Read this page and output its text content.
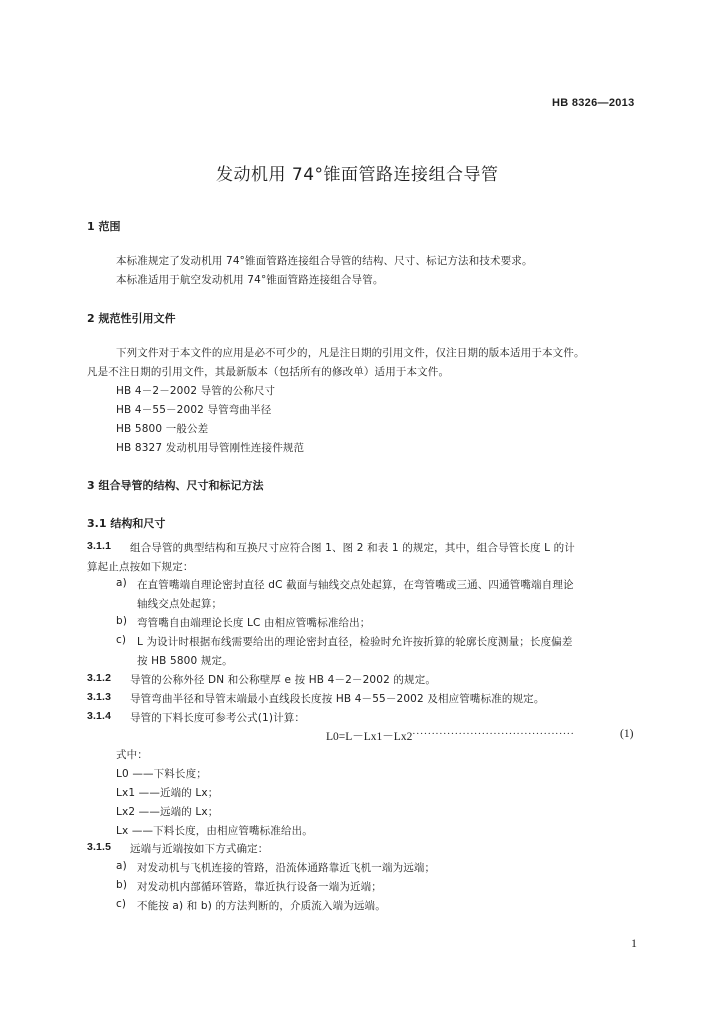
HB 8326—2013
发动机用 74°锥面管路连接组合导管
1 范围
本标准规定了发动机用 74°锥面管路连接组合导管的结构、尺寸、标记方法和技术要求。
本标准适用于航空发动机用 74°锥面管路连接组合导管。
2 规范性引用文件
下列文件对于本文件的应用是必不可少的，凡是注日期的引用文件，仅注日期的版本适用于本文件。
凡是不注日期的引用文件，其最新版本（包括所有的修改单）适用于本文件。
HB 4－2－2002 导管的公称尺寸
HB 4－55－2002 导管弯曲半径
HB 5800 一般公差
HB 8327 发动机用导管刚性连接件规范
3 组合导管的结构、尺寸和标记方法
3.1 结构和尺寸
3.1.1 组合导管的典型结构和互换尺寸应符合图 1、图 2 和表 1 的规定，其中，组合导管长度 L 的计
算起止点按如下规定：
a) 在直管嘴端自理论密封直径 dC 截面与轴线交点处起算，在弯管嘴或三通、四通管嘴端自理论
轴线交点处起算；
b) 弯管嘴自由端理论长度 LC 由相应管嘴标准给出；
c) L 为设计时根据布线需要给出的理论密封直径，检验时允许按折算的轮廓长度测量；长度偏差
按 HB 5800 规定。
3.1.2 导管的公称外径 DN 和公称壁厚 e 按 HB 4－2－2002 的规定。
3.1.3 导管弯曲半径和导管末端最小直线段长度按 HB 4－55－2002 及相应管嘴标准的规定。
3.1.4 导管的下料长度可参考公式(1)计算：
L0=L－Lx1－Lx2 ··········································	(1)
式中：
L0 ——下料长度；
Lx1 ——近端的 Lx；
Lx2 ——远端的 Lx；
Lx ——下料长度，由相应管嘴标准给出。
3.1.5 远端与近端按如下方式确定：
a) 对发动机与飞机连接的管路，沿流体通路靠近飞机一端为远端；
b) 对发动机内部循环管路，靠近执行设备一端为近端；
c) 不能按 a) 和 b) 的方法判断的，介质流入端为远端。
1
